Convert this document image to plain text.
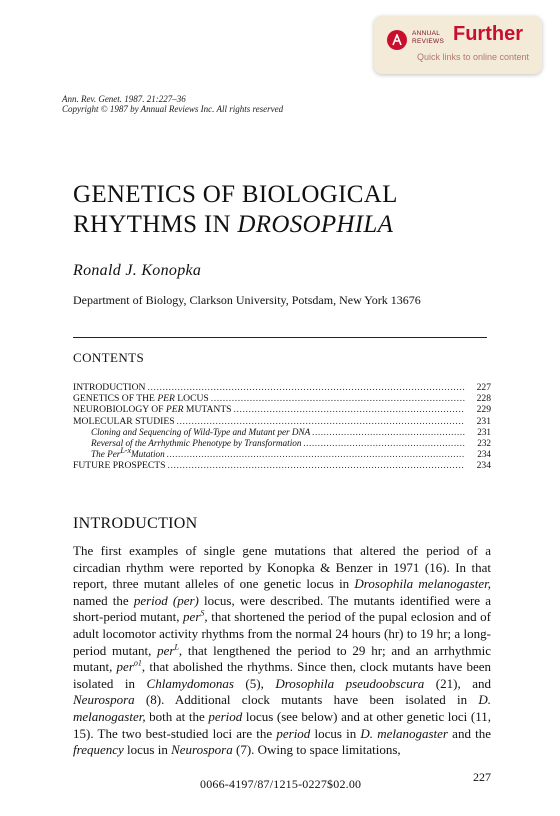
ANNUAL
REVIEWS Further
Quick links to online content
Ann. Rev. Genet. 1987. 21:227–36
Copyright © 1987 by Annual Reviews Inc. All rights reserved
GENETICS OF BIOLOGICAL
RHYTHMS IN DROSOPHILA
Ronald J. Konopka
Department of Biology, Clarkson University, Potsdam, New York 13676
CONTENTS
INTRODUCTION .....	227
GENETICS OF THE PER LOCUS .....	228
NEUROBIOLOGY OF PER MUTANTS .....	229
MOLECULAR STUDIES .....	231
Cloning and Sequencing of Wild-Type and Mutant per DNA .....	231
Reversal of the Arrhythmic Phenotype by Transformation .....	232
The Per$^{L-x}$Mutation .....	234
FUTURE PROSPECTS .....	234
INTRODUCTION

The first examples of single gene mutations that altered the period of a circadian rhythm were reported by Konopka & Benzer in 1971 (16). In that report, three mutant alleles of one genetic locus in Drosophila melanogaster, named the period (per) locus, were described. The mutants identified were a short-period mutant, per$^S$, that shortened the period of the pupal eclosion and of adult locomotor activity rhythms from the normal 24 hours (hr) to 19 hr; a long-period mutant, per$^L$, that lengthened the period to 29 hr; and an arrhythmic mutant, per$^{o1}$, that abolished the rhythms. Since then, clock mutants have been isolated in Chlamydomonas (5), Drosophila pseudoobscura (21), and Neurospora (8). Additional clock mutants have been isolated in D. melanogaster, both at the period locus (see below) and at other genetic loci (11, 15). The two best-studied loci are the period locus in D. melanogaster and the frequency locus in Neurospora (7). Owing to space limitations,

227
0066-4197/87/1215-0227$02.00
